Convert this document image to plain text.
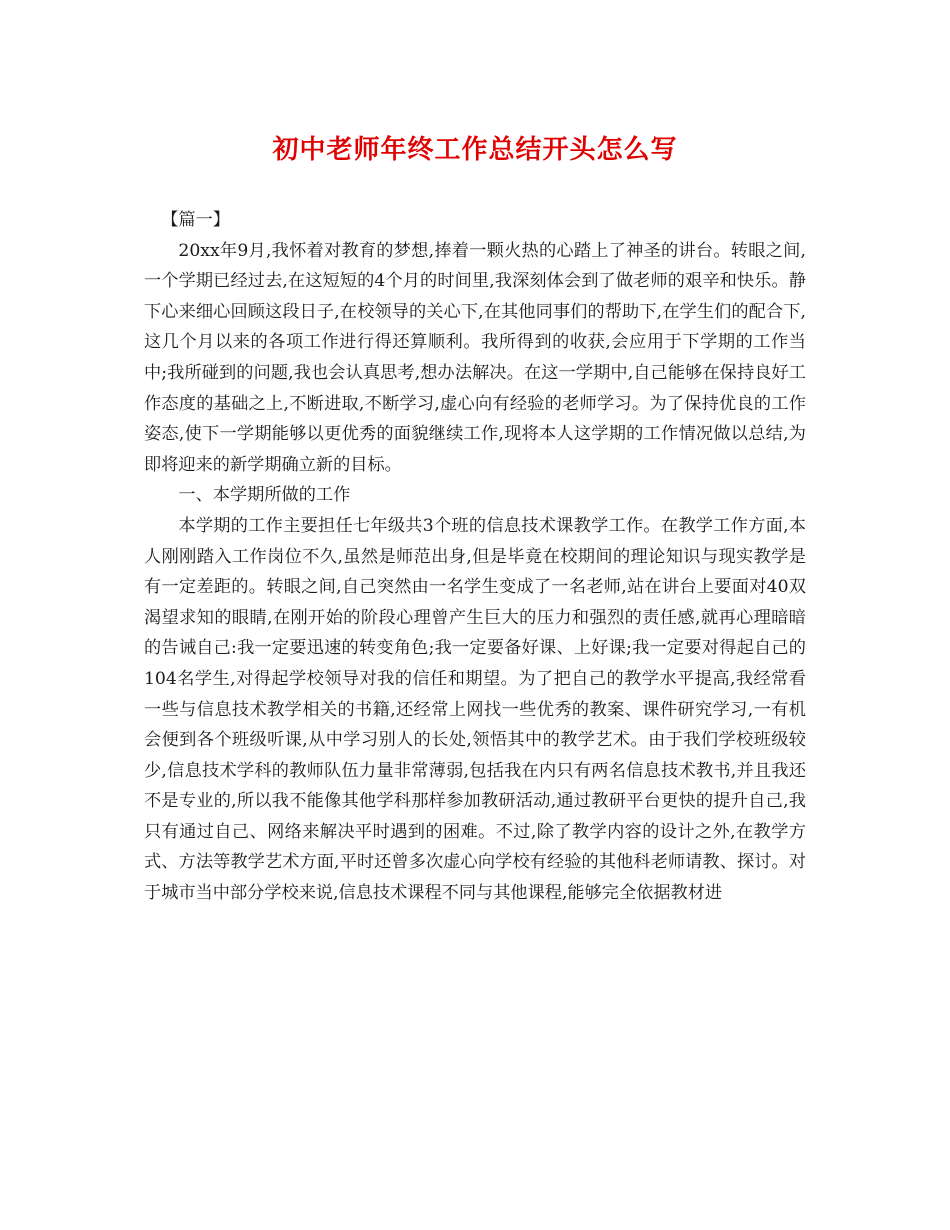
初中老师年终工作总结开头怎么写

【篇一】

20xx年9月,我怀着对教育的梦想,捧着一颗火热的心踏上了神圣的讲台。转眼之间,一个学期已经过去,在这短短的4个月的时间里,我深刻体会到了做老师的艰辛和快乐。静下心来细心回顾这段日子,在校领导的关心下,在其他同事们的帮助下,在学生们的配合下,这几个月以来的各项工作进行得还算顺利。我所得到的收获,会应用于下学期的工作当中;我所碰到的问题,我也会认真思考,想办法解决。在这一学期中,自己能够在保持良好工作态度的基础之上,不断进取,不断学习,虚心向有经验的老师学习。为了保持优良的工作姿态,使下一学期能够以更优秀的面貌继续工作,现将本人这学期的工作情况做以总结,为即将迎来的新学期确立新的目标。

一、本学期所做的工作

本学期的工作主要担任七年级共3个班的信息技术课教学工作。在教学工作方面,本人刚刚踏入工作岗位不久,虽然是师范出身,但是毕竟在校期间的理论知识与现实教学是有一定差距的。转眼之间,自己突然由一名学生变成了一名老师,站在讲台上要面对40双渴望求知的眼睛,在刚开始的阶段心理曾产生巨大的压力和强烈的责任感,就再心理暗暗的告诫自己:我一定要迅速的转变角色;我一定要备好课、上好课;我一定要对得起自己的104名学生,对得起学校领导对我的信任和期望。为了把自己的教学水平提高,我经常看一些与信息技术教学相关的书籍,还经常上网找一些优秀的教案、课件研究学习,一有机会便到各个班级听课,从中学习别人的长处,领悟其中的教学艺术。由于我们学校班级较少,信息技术学科的教师队伍力量非常薄弱,包括我在内只有两名信息技术教书,并且我还不是专业的,所以我不能像其他学科那样参加教研活动,通过教研平台更快的提升自己,我只有通过自己、网络来解决平时遇到的困难。不过,除了教学内容的设计之外,在教学方式、方法等教学艺术方面,平时还曾多次虚心向学校有经验的其他科老师请教、探讨。对于城市当中部分学校来说,信息技术课程不同与其他课程,能够完全依据教材进
